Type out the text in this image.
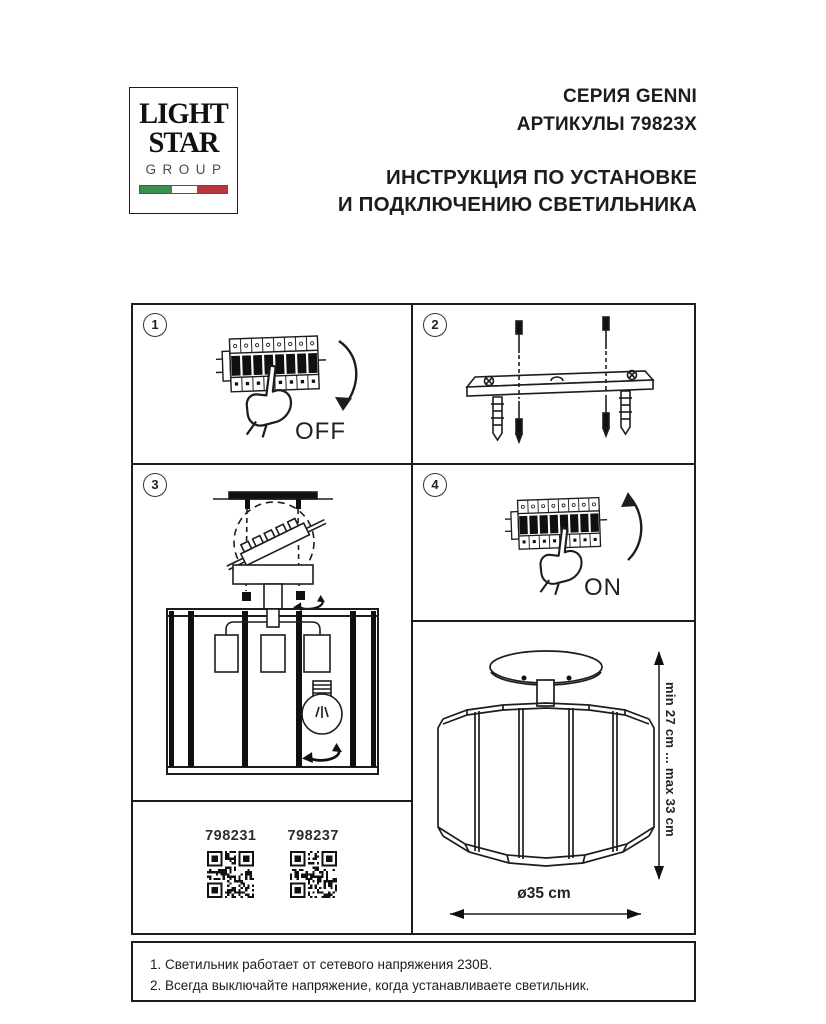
LIGHT
STAR
GROUP
СЕРИЯ GENNI
АРТИКУЛЫ 79823X
ИНСТРУКЦИЯ ПО УСТАНОВКЕ
И ПОДКЛЮЧЕНИЮ СВЕТИЛЬНИКА
1
OFF
2
3	4
ON
798231 798237	min 27 cm ... max 33 cm
ø35 cm
1. Светильник работает от сетевого напряжения 230В.
2. Всегда выключайте напряжение, когда устанавливаете светильник.
